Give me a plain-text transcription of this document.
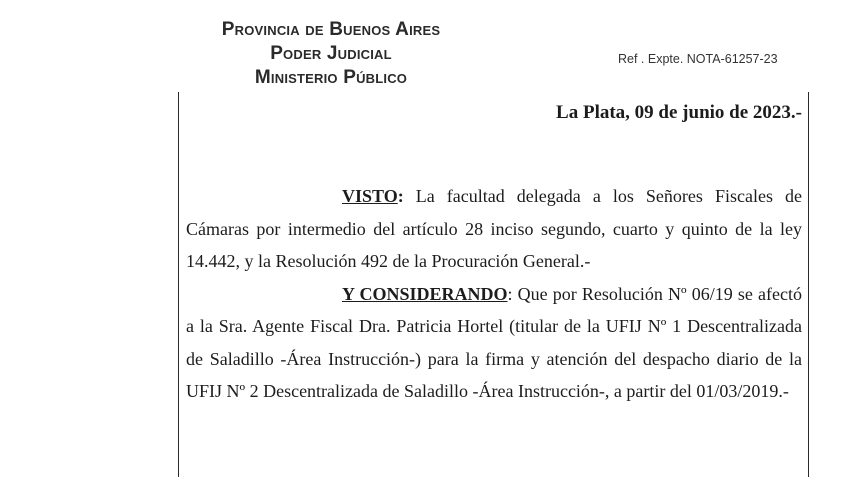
Provincia de Buenos Aires
Poder Judicial
Ministerio Público
Ref . Expte. NOTA-61257-23
La Plata, 09 de junio de 2023.-

VISTO: La facultad delegada a los Señores Fiscales de Cámaras por intermedio del artículo 28 inciso segundo, cuarto y quinto de la ley 14.442, y la Resolución 492 de la Procuración General.-

Y CONSIDERANDO: Que por Resolución Nº 06/19 se afectó a la Sra. Agente Fiscal Dra. Patricia Hortel (titular de la UFIJ Nº 1 Descentralizada de Saladillo -Área Instrucción-) para la firma y atención del despacho diario de la UFIJ Nº 2 Descentralizada de Saladillo -Área Instrucción-, a partir del 01/03/2019.-
